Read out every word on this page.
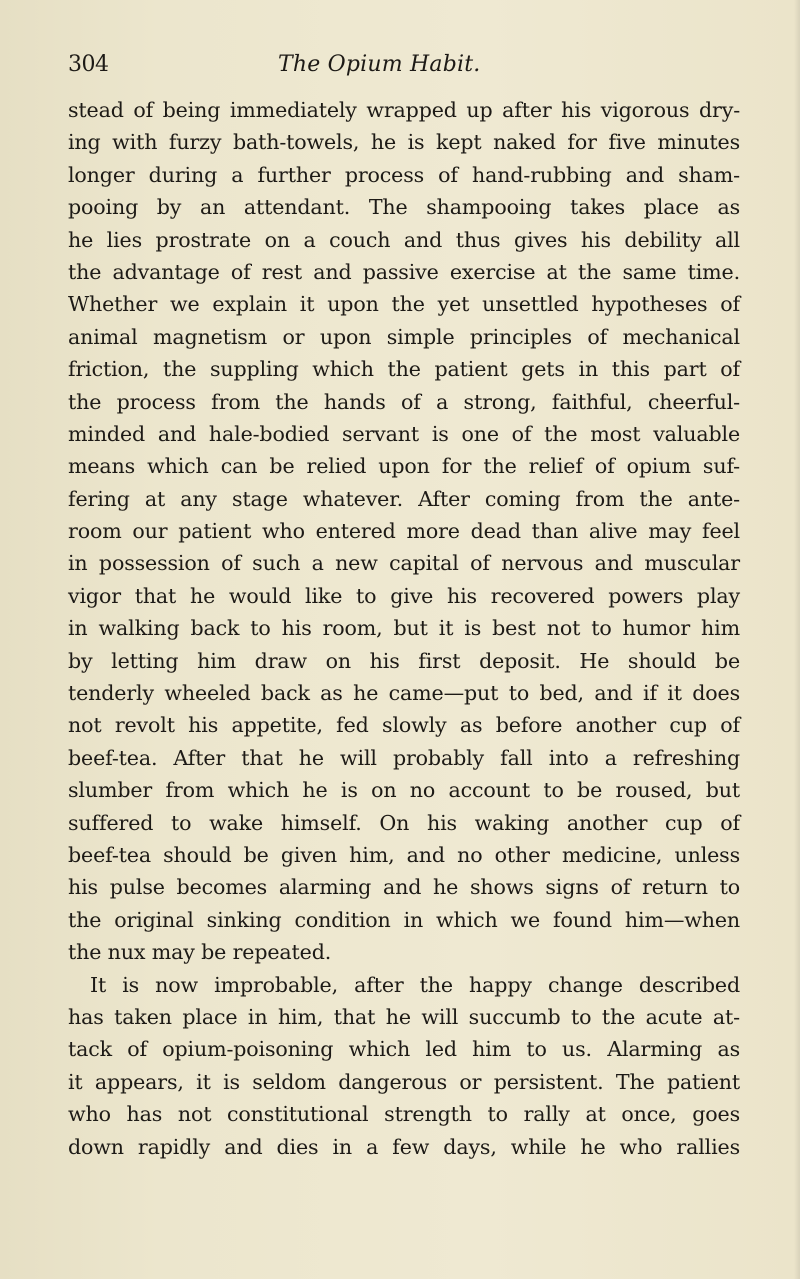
304	The Opium Habit.
stead of being immediately wrapped up after his vigorous dry-
ing with furzy bath-towels, he is kept naked for five minutes
longer during a further process of hand-rubbing and sham-
pooing by an attendant. The shampooing takes place as
he lies prostrate on a couch and thus gives his debility all
the advantage of rest and passive exercise at the same time.
Whether we explain it upon the yet unsettled hypotheses of
animal magnetism or upon simple principles of mechanical
friction, the suppling which the patient gets in this part of
the process from the hands of a strong, faithful, cheerful-
minded and hale-bodied servant is one of the most valuable
means which can be relied upon for the relief of opium suf-
fering at any stage whatever. After coming from the ante-
room our patient who entered more dead than alive may feel
in possession of such a new capital of nervous and muscular
vigor that he would like to give his recovered powers play
in walking back to his room, but it is best not to humor him
by letting him draw on his first deposit. He should be
tenderly wheeled back as he came—put to bed, and if it does
not revolt his appetite, fed slowly as before another cup of
beef-tea. After that he will probably fall into a refreshing
slumber from which he is on no account to be roused, but
suffered to wake himself. On his waking another cup of
beef-tea should be given him, and no other medicine, unless
his pulse becomes alarming and he shows signs of return to
the original sinking condition in which we found him—when
the nux may be repeated.
It is now improbable, after the happy change described
has taken place in him, that he will succumb to the acute at-
tack of opium-poisoning which led him to us. Alarming as
it appears, it is seldom dangerous or persistent. The patient
who has not constitutional strength to rally at once, goes
down rapidly and dies in a few days, while he who rallies
